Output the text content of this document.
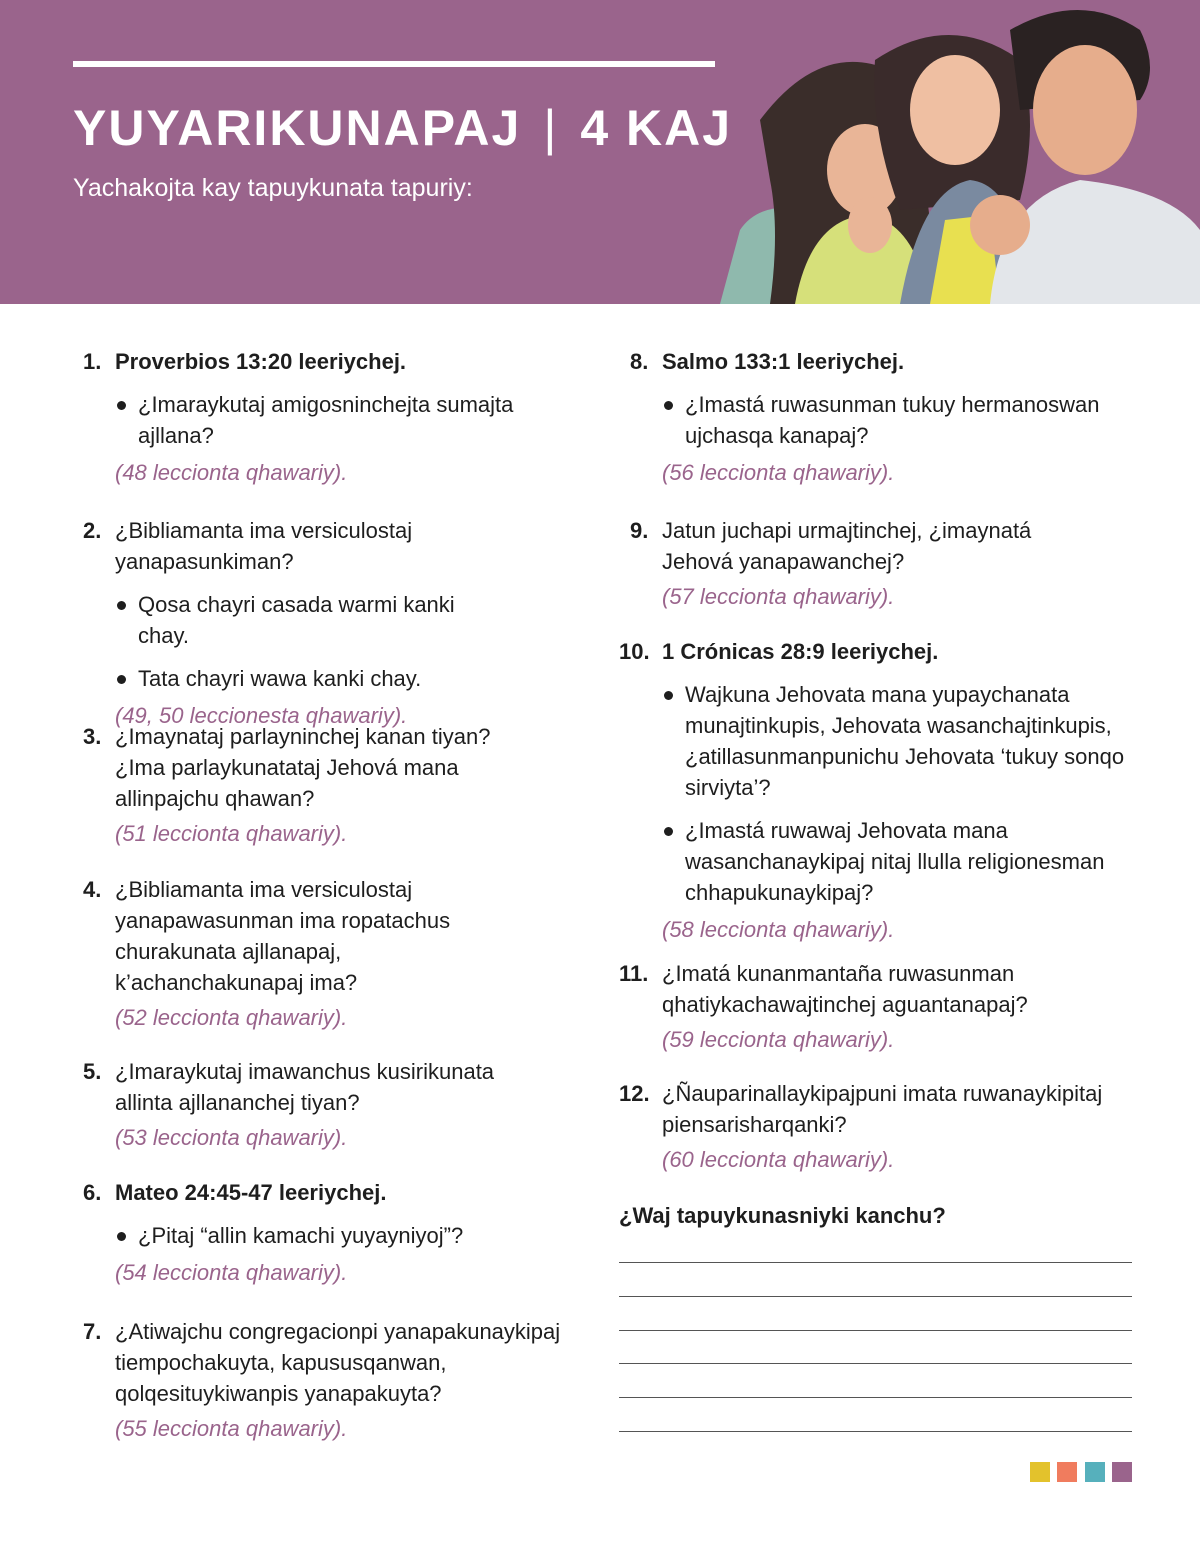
YUYARIKUNAPAJ | 4 KAJ
Yachakojta kay tapuykunata tapuriy:
1. Proverbios 13:20 leeriychej.
¿Imaraykutaj amigosninchejta sumajta ajllana?
(48 leccionta qhawariy).
2. ¿Bibliamanta ima versiculostaj yanapasunkiman?
Qosa chayri casada warmi kanki chay.
Tata chayri wawa kanki chay.
(49, 50 leccionesta qhawariy).
3. ¿Imaynataj parlayninchej kanan tiyan? ¿Ima parlaykunatataj Jehová mana allinpajchu qhawan?
(51 leccionta qhawariy).
4. ¿Bibliamanta ima versiculostaj yanapawasunman ima ropatachus churakunata ajllanapaj, k’achanchakunapaj ima?
(52 leccionta qhawariy).
5. ¿Imaraykutaj imawanchus kusirikunata allinta ajllananchej tiyan?
(53 leccionta qhawariy).
6. Mateo 24:45-47 leeriychej.
¿Pitaj “allin kamachi yuyayniyoj”?
(54 leccionta qhawariy).
7. ¿Atiwajchu congregacionpi yanapakunaykipaj tiempochakuyta, kapususqanwan, qolqesituykiwanpis yanapakuyta?
(55 leccionta qhawariy).
8. Salmo 133:1 leeriychej.
¿Imastá ruwasunman tukuy hermanoswan ujchasqa kanapaj?
(56 leccionta qhawariy).
9. Jatun juchapi urmajtinchej, ¿imaynatá Jehová yanapawanchej?
(57 leccionta qhawariy).
10. 1 Crónicas 28:9 leeriychej.
Wajkuna Jehovata mana yupaychanata munajtinkupis, Jehovata wasanchajtinkupis, ¿atillasunmanpunichu Jehovata ‘tukuy sonqo sirviyta’?
¿Imastá ruwawaj Jehovata mana wasanchanaykipaj nitaj llulla religionesman chhapukunaykipaj?
(58 leccionta qhawariy).
11. ¿Imatá kunanmantaña ruwasunman qhatiykachawajtinchej aguantanapaj?
(59 leccionta qhawariy).
12. ¿Ñauparinallaykipajpuni imata ruwanaykipitaj piensarisharqanki?
(60 leccionta qhawariy).
¿Waj tapuykunasniyki kanchu?
